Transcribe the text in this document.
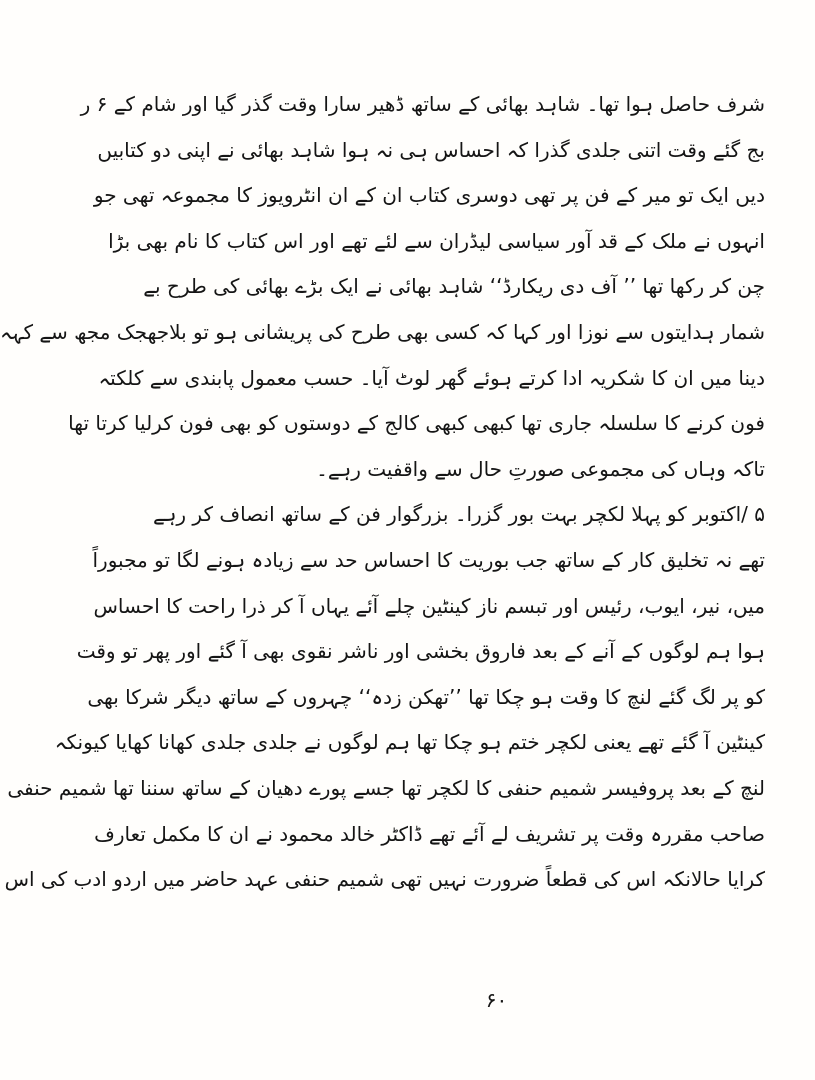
شرف حاصل ہوا تھا۔ شاہد بھائی کے ساتھ ڈھیر سارا وقت گذر گیا اور شام کے ۶ ر
بج گئے وقت اتنی جلدی گذرا کہ احساس ہی نہ ہوا شاہد بھائی نے اپنی دو کتابیں
دیں ایک تو میر کے فن پر تھی دوسری کتاب ان کے ان انٹرویوز کا مجموعہ تھی جو
انہوں نے ملک کے قد آور سیاسی لیڈران سے لئے تھے اور اس کتاب کا نام بھی بڑا
چن کر رکھا تھا ’’ آف دی ریکارڈ‘‘ شاہد بھائی نے ایک بڑے بھائی کی طرح بے
شمار ہدایتوں سے نوزا اور کہا کہ کسی بھی طرح کی پریشانی ہو تو بلاجھجک مجھ سے کہہ
دینا میں ان کا شکریہ ادا کرتے ہوئے گھر لوٹ آیا۔ حسب معمول پابندی سے کلکتہ
فون کرنے کا سلسلہ جاری تھا کبھی کبھی کالج کے دوستوں کو بھی فون کرلیا کرتا تھا
تاکہ وہاں کی مجموعی صورتِ حال سے واقفیت رہے۔
۵ /اکتوبر کو پہلا لکچر بہت بور گزرا۔ بزرگوار فن کے ساتھ انصاف کر رہے
تھے نہ تخلیق کار کے ساتھ جب بوریت کا احساس حد سے زیادہ ہونے لگا تو مجبوراً
میں، نیر، ایوب، رئیس اور تبسم ناز کینٹین چلے آئے یہاں آ کر ذرا راحت کا احساس
ہوا ہم لوگوں کے آنے کے بعد فاروق بخشی اور ناشر نقوی بھی آ گئے اور پھر تو وقت
کو پر لگ گئے لنچ کا وقت ہو چکا تھا ’’تھکن زدہ‘‘ چہروں کے ساتھ دیگر شرکا بھی
کینٹین آ گئے تھے یعنی لکچر ختم ہو چکا تھا ہم لوگوں نے جلدی جلدی کھانا کھایا کیونکہ
لنچ کے بعد پروفیسر شمیم حنفی کا لکچر تھا جسے پورے دھیان کے ساتھ سننا تھا شمیم حنفی
صاحب مقررہ وقت پر تشریف لے آئے تھے ڈاکٹر خالد محمود نے ان کا مکمل تعارف
کرایا حالانکہ اس کی قطعاً ضرورت نہیں تھی شمیم حنفی عہد حاضر میں اردو ادب کی اس
۶۰
